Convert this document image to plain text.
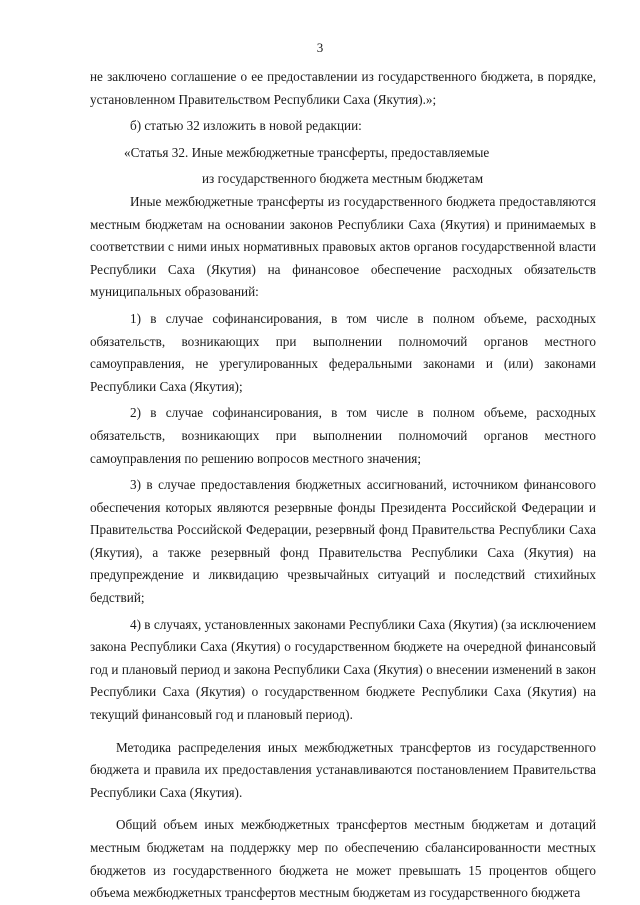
3

не заключено соглашение о ее предоставлении из государственного бюджета, в порядке, установленном Правительством Республики Саха (Якутия).»;

б) статью 32 изложить в новой редакции:

«Статья 32. Иные межбюджетные трансферты, предоставляемые

из государственного бюджета местным бюджетам

Иные межбюджетные трансферты из государственного бюджета предоставляются местным бюджетам на основании законов Республики Саха (Якутия) и принимаемых в соответствии с ними иных нормативных правовых актов органов государственной власти Республики Саха (Якутия) на финансовое обеспечение расходных обязательств муниципальных образований:

1) в случае софинансирования, в том числе в полном объеме, расходных обязательств, возникающих при выполнении полномочий органов местного самоуправления, не урегулированных федеральными законами и (или) законами Республики Саха (Якутия);

2) в случае софинансирования, в том числе в полном объеме, расходных обязательств, возникающих при выполнении полномочий органов местного самоуправления по решению вопросов местного значения;

3) в случае предоставления бюджетных ассигнований, источником финансового обеспечения которых являются резервные фонды Президента Российской Федерации и Правительства Российской Федерации, резервный фонд Правительства Республики Саха (Якутия), а также резервный фонд Правительства Республики Саха (Якутия) на предупреждение и ликвидацию чрезвычайных ситуаций и последствий стихийных бедствий;

4) в случаях, установленных законами Республики Саха (Якутия) (за исключением закона Республики Саха (Якутия) о государственном бюджете на очередной финансовый год и плановый период и закона Республики Саха (Якутия) о внесении изменений в закон Республики Саха (Якутия) о государственном бюджете Республики Саха (Якутия) на текущий финансовый год и плановый период).

Методика распределения иных межбюджетных трансфертов из государственного бюджета и правила их предоставления устанавливаются постановлением Правительства Республики Саха (Якутия).

Общий объем иных межбюджетных трансфертов местным бюджетам и дотаций местным бюджетам на поддержку мер по обеспечению сбалансированности местных бюджетов из государственного бюджета не может превышать 15 процентов общего объема межбюджетных трансфертов местным бюджетам из государственного бюджета
